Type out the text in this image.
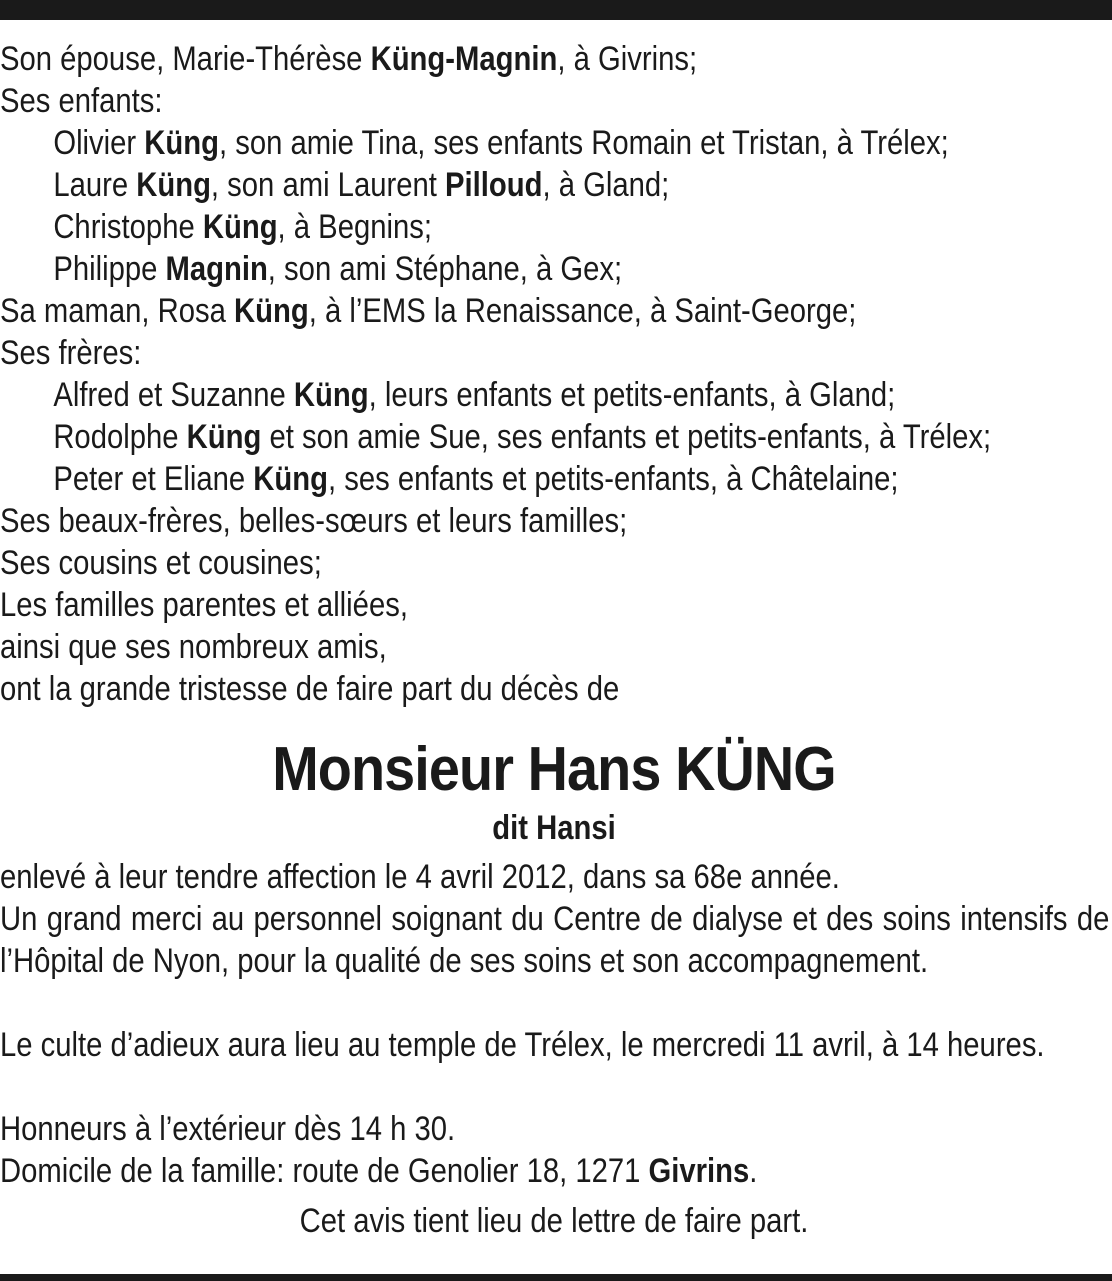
Son épouse, Marie-Thérèse Küng-Magnin, à Givrins;
Ses enfants:
Olivier Küng, son amie Tina, ses enfants Romain et Tristan, à Trélex;
Laure Küng, son ami Laurent Pilloud, à Gland;
Christophe Küng, à Begnins;
Philippe Magnin, son ami Stéphane, à Gex;
Sa maman, Rosa Küng, à l’EMS la Renaissance, à Saint-George;
Ses frères:
Alfred et Suzanne Küng, leurs enfants et petits-enfants, à Gland;
Rodolphe Küng et son amie Sue, ses enfants et petits-enfants, à Trélex;
Peter et Eliane Küng, ses enfants et petits-enfants, à Châtelaine;
Ses beaux-frères, belles-sœurs et leurs familles;
Ses cousins et cousines;
Les familles parentes et alliées,
ainsi que ses nombreux amis,
ont la grande tristesse de faire part du décès de
Monsieur Hans KÜNG
dit Hansi
enlevé à leur tendre affection le 4 avril 2012, dans sa 68e année.
Un grand merci au personnel soignant du Centre de dialyse et des soins intensifs de l’Hôpital de Nyon, pour la qualité de ses soins et son accompagnement.
Le culte d’adieux aura lieu au temple de Trélex, le mercredi 11 avril, à 14 heures.
Honneurs à l’extérieur dès 14 h 30.
Domicile de la famille: route de Genolier 18, 1271 Givrins.
Cet avis tient lieu de lettre de faire part.
